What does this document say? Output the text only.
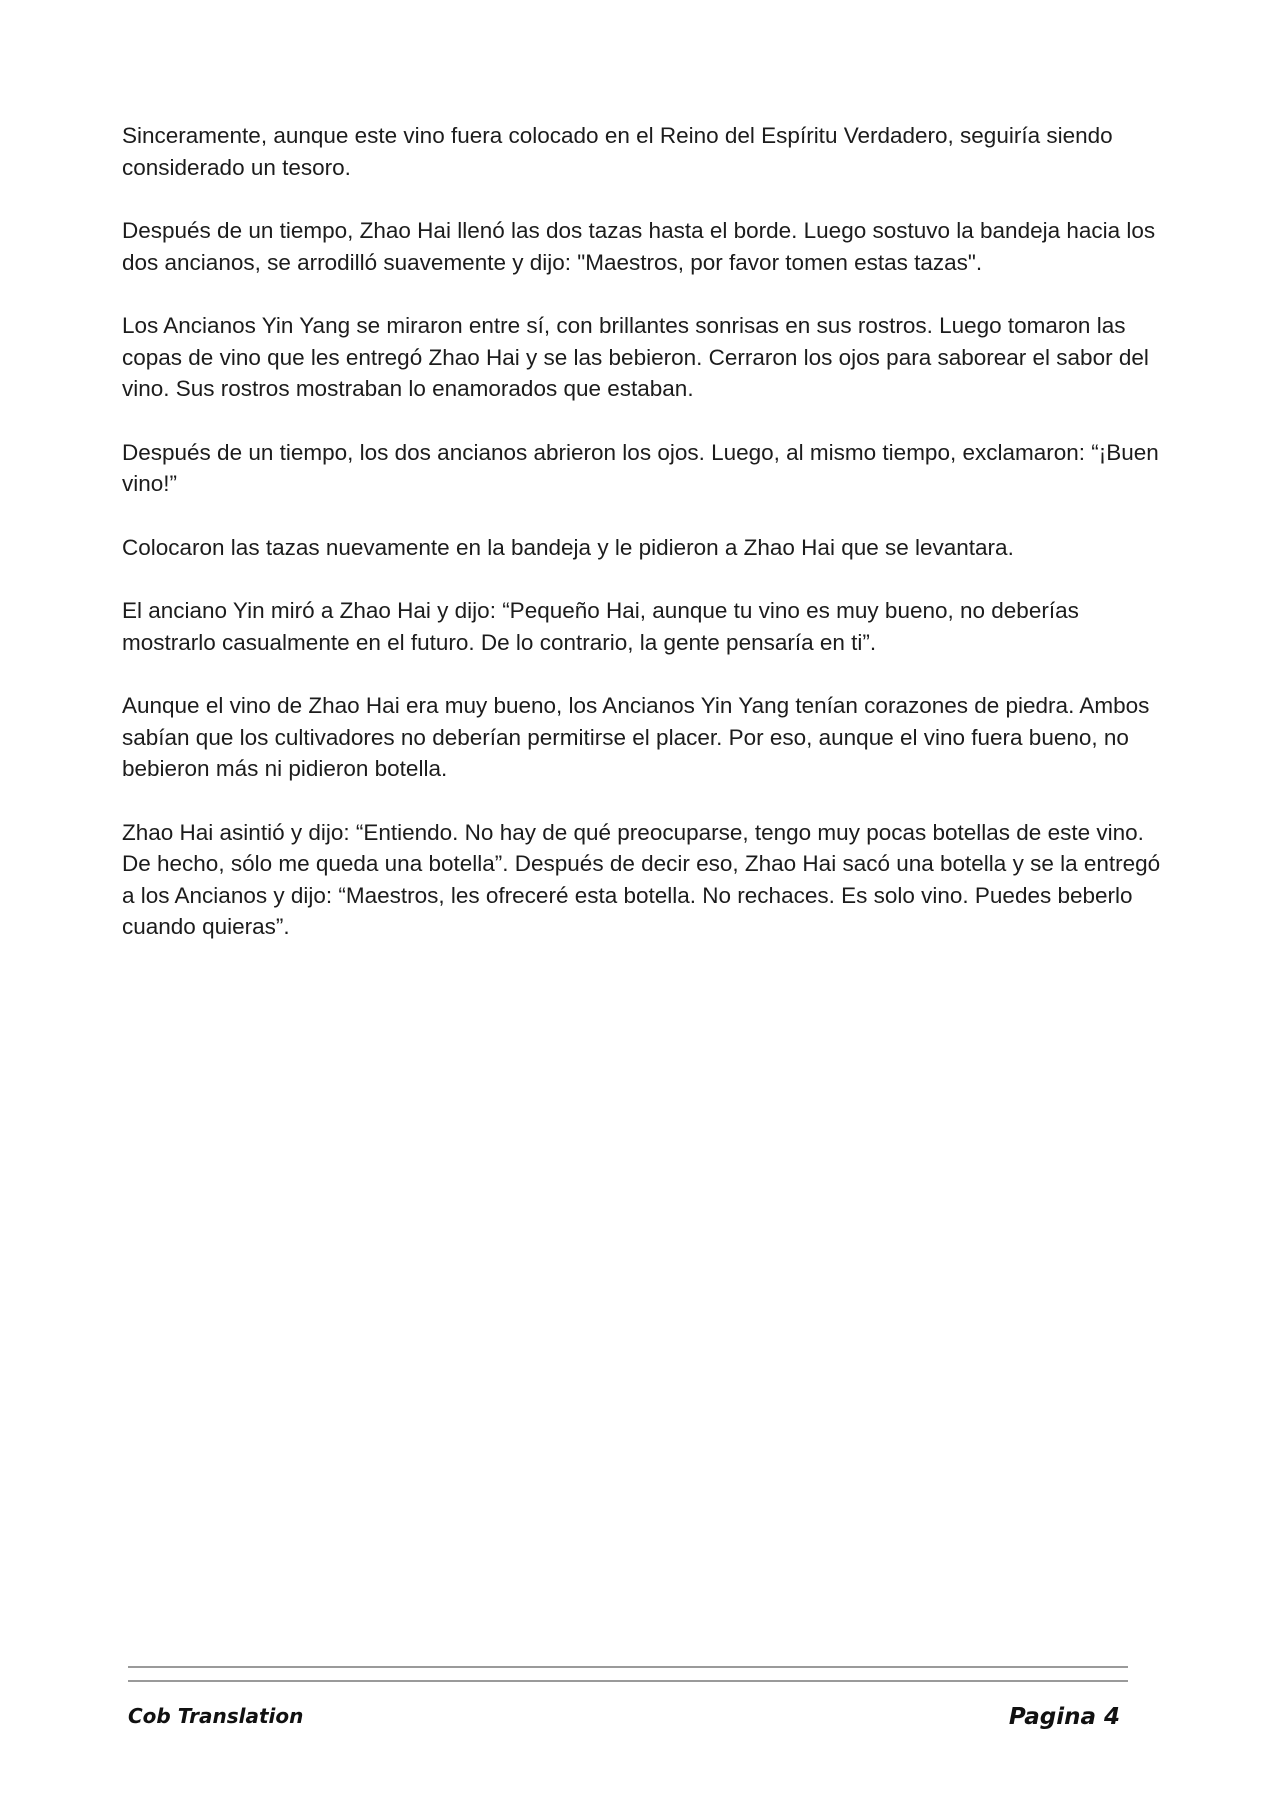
Sinceramente, aunque este vino fuera colocado en el Reino del Espíritu Verdadero, seguiría siendo considerado un tesoro.

Después de un tiempo, Zhao Hai llenó las dos tazas hasta el borde. Luego sostuvo la bandeja hacia los dos ancianos, se arrodilló suavemente y dijo: "Maestros, por favor tomen estas tazas".

Los Ancianos Yin Yang se miraron entre sí, con brillantes sonrisas en sus rostros. Luego tomaron las copas de vino que les entregó Zhao Hai y se las bebieron. Cerraron los ojos para saborear el sabor del vino. Sus rostros mostraban lo enamorados que estaban.

Después de un tiempo, los dos ancianos abrieron los ojos. Luego, al mismo tiempo, exclamaron: “¡Buen vino!”

Colocaron las tazas nuevamente en la bandeja y le pidieron a Zhao Hai que se levantara.

El anciano Yin miró a Zhao Hai y dijo: “Pequeño Hai, aunque tu vino es muy bueno, no deberías mostrarlo casualmente en el futuro. De lo contrario, la gente pensaría en ti”.

Aunque el vino de Zhao Hai era muy bueno, los Ancianos Yin Yang tenían corazones de piedra. Ambos sabían que los cultivadores no deberían permitirse el placer. Por eso, aunque el vino fuera bueno, no bebieron más ni pidieron botella.

Zhao Hai asintió y dijo: “Entiendo. No hay de qué preocuparse, tengo muy pocas botellas de este vino. De hecho, sólo me queda una botella”. Después de decir eso, Zhao Hai sacó una botella y se la entregó a los Ancianos y dijo: “Maestros, les ofreceré esta botella. No rechaces. Es solo vino. Puedes beberlo cuando quieras”.

Cob Translation	Pagina 4
